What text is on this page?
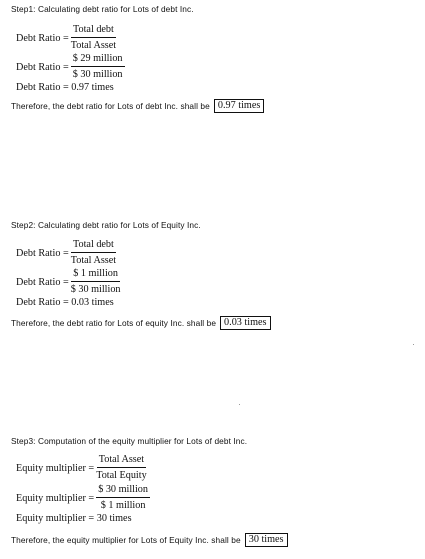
Step1: Calculating debt ratio for Lots of debt Inc.
Debt Ratio = $\frac{\text{Total debt}}{\text{Total Asset}}$
Debt Ratio = $\frac{\text{\$ 29 million}}{\text{\$ 30 million}}$
Debt Ratio = 0.97 times
Therefore, the debt ratio for Lots of debt Inc. shall be 0.97 times
Step2: Calculating debt ratio for Lots of Equity Inc.
Debt Ratio = $\frac{\text{Total debt}}{\text{Total Asset}}$
Debt Ratio = $\frac{\text{\$ 1 million}}{\text{\$ 30 million}}$
Debt Ratio = 0.03 times
Therefore, the debt ratio for Lots of equity Inc. shall be 0.03 times
Step3: Computation of the equity multiplier for Lots of debt Inc.
Equity multiplier = $\frac{\text{Total Asset}}{\text{Total Equity}}$
Equity multiplier = $\frac{\text{\$ 30 million}}{\text{\$ 1 million}}$
Equity multiplier = 30 times
Therefore, the equity multiplier for Lots of Equity Inc. shall be 30 times
